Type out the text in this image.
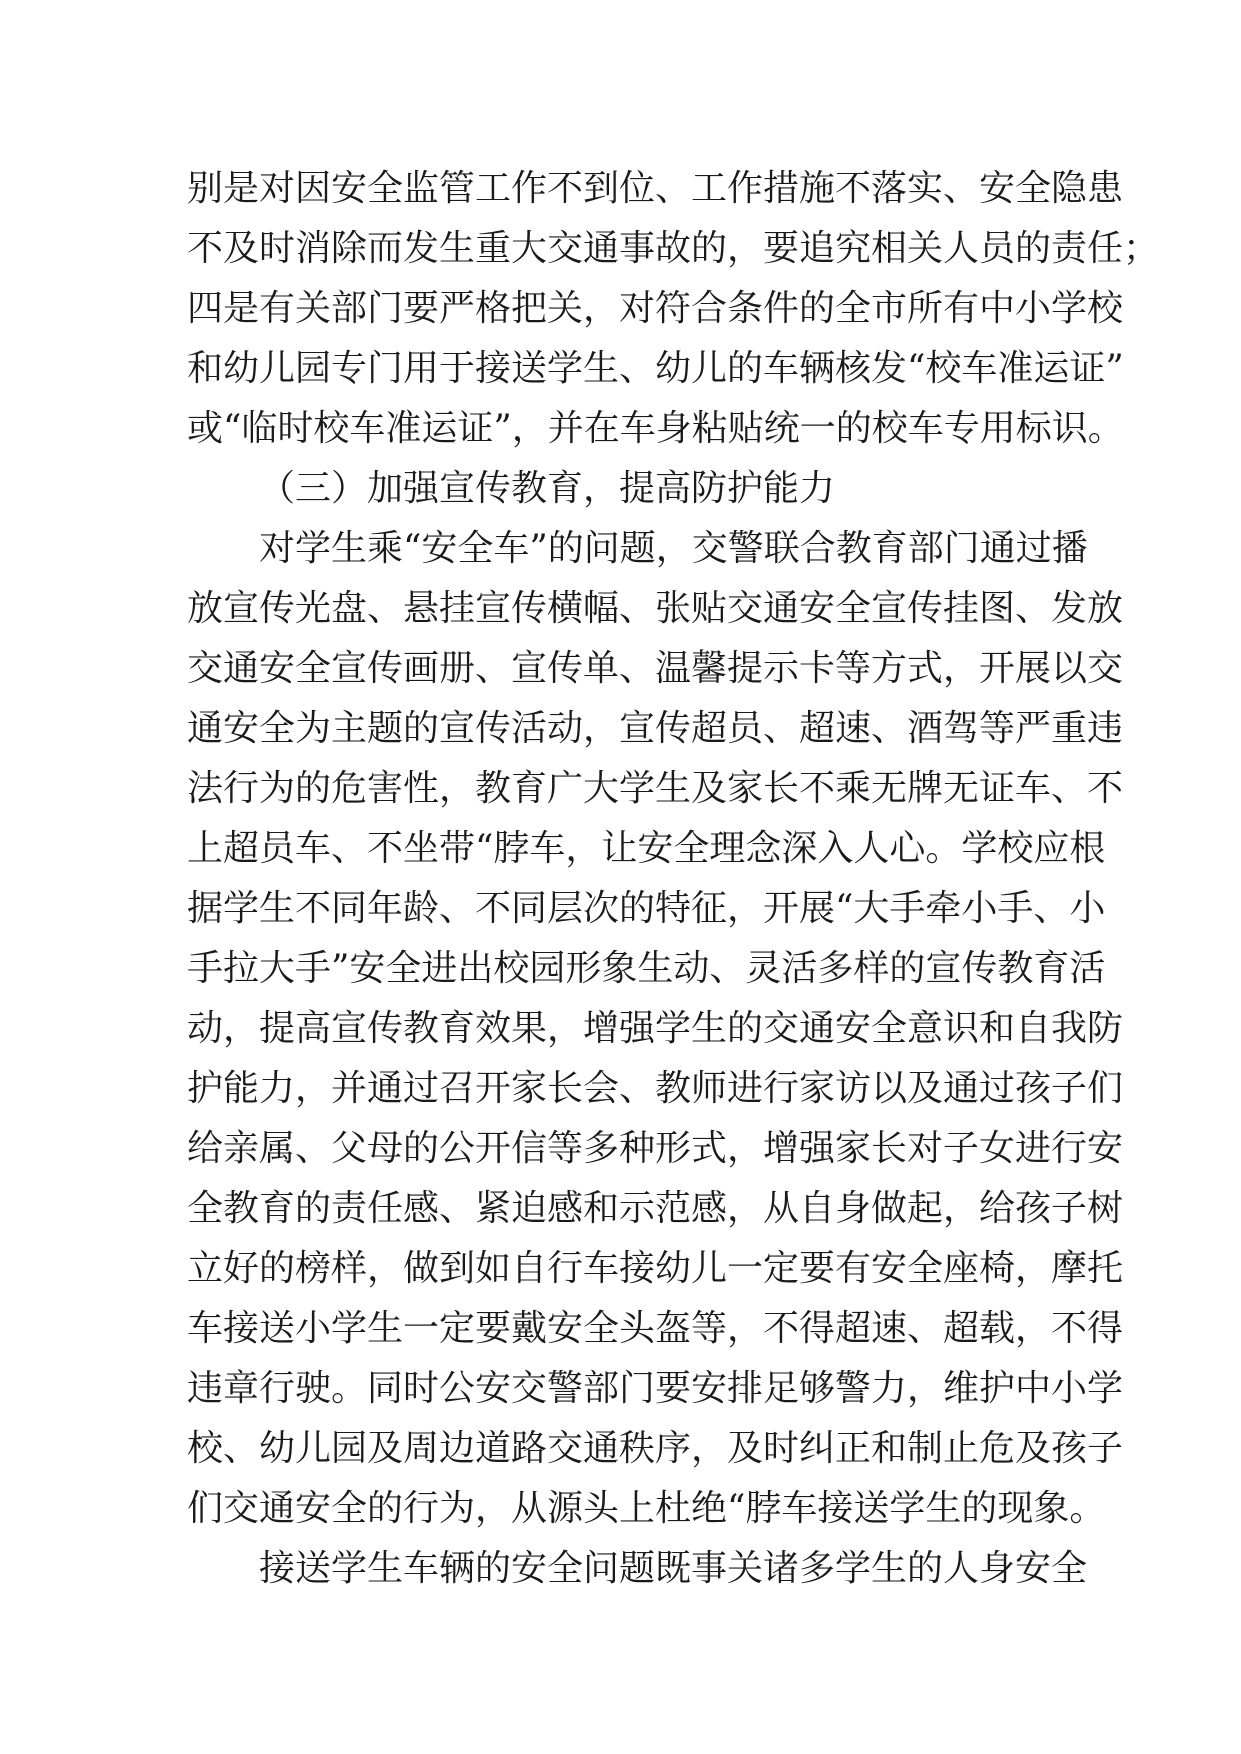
别是对因安全监管工作不到位、工作措施不落实、安全隐患
不及时消除而发生重大交通事故的，要追究相关人员的责任；
四是有关部门要严格把关，对符合条件的全市所有中小学校
和幼儿园专门用于接送学生、幼儿的车辆核发“校车准运证”
或“临时校车准运证”，并在车身粘贴统一的校车专用标识。
（三）加强宣传教育，提高防护能力
对学生乘“安全车”的问题，交警联合教育部门通过播
放宣传光盘、悬挂宣传横幅、张贴交通安全宣传挂图、发放
交通安全宣传画册、宣传单、温馨提示卡等方式，开展以交
通安全为主题的宣传活动，宣传超员、超速、酒驾等严重违
法行为的危害性，教育广大学生及家长不乘无牌无证车、不
上超员车、不坐带“脖车，让安全理念深入人心。学校应根
据学生不同年龄、不同层次的特征，开展“大手牵小手、小
手拉大手”安全进出校园形象生动、灵活多样的宣传教育活
动，提高宣传教育效果，增强学生的交通安全意识和自我防
护能力，并通过召开家长会、教师进行家访以及通过孩子们
给亲属、父母的公开信等多种形式，增强家长对子女进行安
全教育的责任感、紧迫感和示范感，从自身做起，给孩子树
立好的榜样，做到如自行车接幼儿一定要有安全座椅，摩托
车接送小学生一定要戴安全头盔等，不得超速、超载，不得
违章行驶。同时公安交警部门要安排足够警力，维护中小学
校、幼儿园及周边道路交通秩序，及时纠正和制止危及孩子
们交通安全的行为，从源头上杜绝“脖车接送学生的现象。
接送学生车辆的安全问题既事关诸多学生的人身安全
